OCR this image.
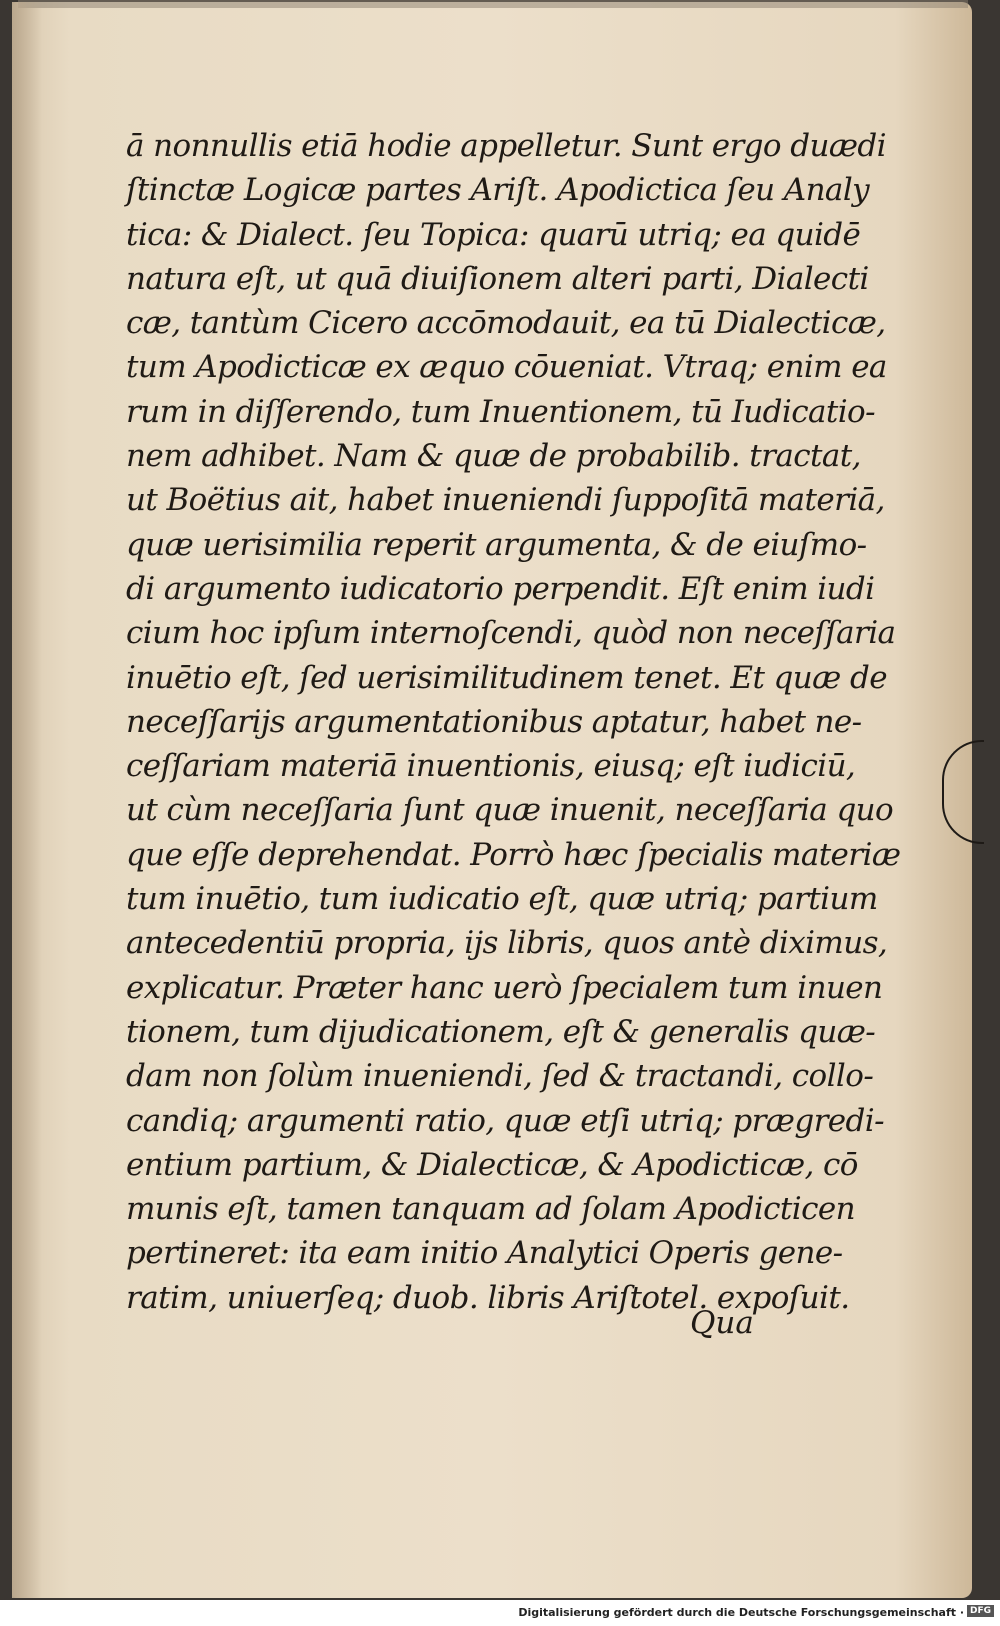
ā nonnullis etiā hodie appelletur. Sunt ergo duædi
ſtinctæ Logicæ partes Ariſt. Apodictica ſeu Analy
tica: & Dialect. ſeu Topica: quarū utriq; ea quidē
natura eſt, ut quā diuiſionem alteri parti, Dialecti
cæ, tantùm Cicero accōmodauit, ea tū Dialecticæ,
tum Apodicticæ ex æquo cōueniat. Vtraq; enim ea
rum in diſſerendo, tum Inuentionem, tū Iudicatio-
nem adhibet. Nam & quæ de probabilib. tractat,
ut Boëtius ait, habet inueniendi ſuppoſitā materiā,
quæ uerisimilia reperit argumenta, & de eiuſmo-
di argumento iudicatorio perpendit. Eſt enim iudi
cium hoc ipſum internoſcendi, quòd non neceſſaria
inuētio eſt, ſed uerisimilitudinem tenet. Et quæ de
neceſſarijs argumentationibus aptatur, habet ne-
ceſſariam materiā inuentionis, eiusq; eſt iudiciū,
ut cùm neceſſaria ſunt quæ inuenit, neceſſaria quo
que eſſe deprehendat. Porrò hæc ſpecialis materiæ
tum inuētio, tum iudicatio eſt, quæ utriq; partium
antecedentiū propria, ijs libris, quos antè diximus,
explicatur. Præter hanc uerò ſpecialem tum inuen
tionem, tum dijudicationem, eſt & generalis quæ-
dam non ſolùm inueniendi, ſed & tractandi, collo-
candiq; argumenti ratio, quæ etſi utriq; prægredi-
entium partium, & Dialecticæ, & Apodicticæ, cō
munis eſt, tamen tanquam ad ſolam Apodicticen
pertineret: ita eam initio Analytici Operis gene-
ratim, uniuerſeq; duob. libris Ariſtotel. expoſuit.
Qua
Digitalisierung gefördert durch die Deutsche Forschungsgemeinschaft · DFG
